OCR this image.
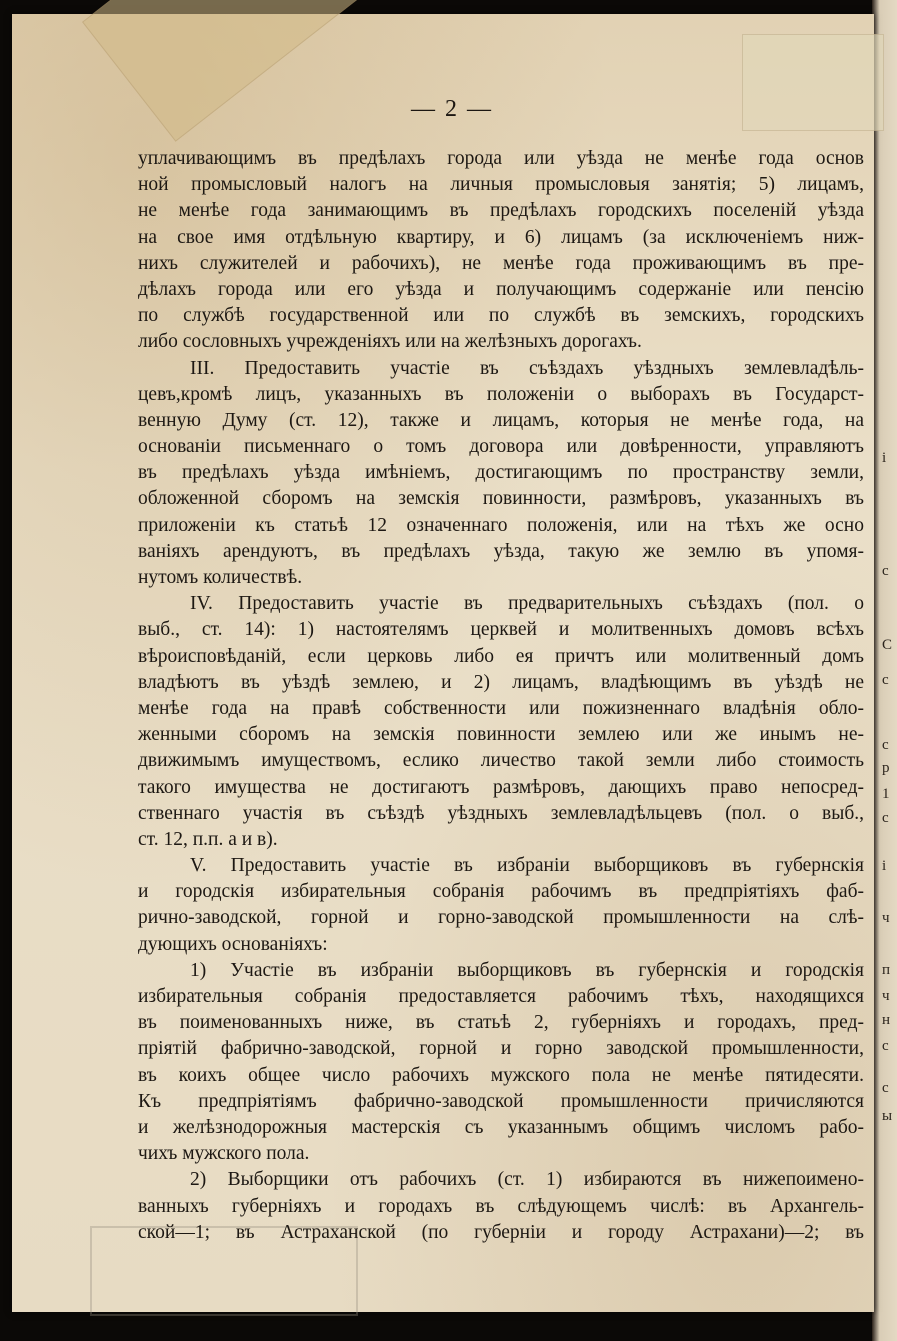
і
с
С
с
с
р
1
с
і
ч
п
ч
н
с
с
ы
— 2 —
уплачивающимъ въ предѣлахъ города или уѣзда не менѣе года основ
ной промысловый налогъ на личныя промысловыя занятія; 5) лицамъ,
не менѣе года занимающимъ въ предѣлахъ городскихъ поселеній уѣзда
на свое имя отдѣльную квартиру, и 6) лицамъ (за исключеніемъ ниж-
нихъ служителей и рабочихъ), не менѣе года проживающимъ въ пре-
дѣлахъ города или его уѣзда и получающимъ содержаніе или пенсію
по службѣ государственной или по службѣ въ земскихъ, городскихъ
либо сословныхъ учрежденіяхъ или на желѣзныхъ дорогахъ.
III. Предоставить участіе въ съѣздахъ уѣздныхъ землевладѣль-
цевъ,кромѣ лицъ, указанныхъ въ положеніи о выборахъ въ Государст-
венную Думу (ст. 12), также и лицамъ, которыя не менѣе года, на
основаніи письменнаго о томъ договора или довѣренности, управляютъ
въ предѣлахъ уѣзда имѣніемъ, достигающимъ по пространству земли,
обложенной сборомъ на земскія повинности, размѣровъ, указанныхъ въ
приложеніи къ статьѣ 12 означеннаго положенія, или на тѣхъ же осно
ваніяхъ арендуютъ, въ предѣлахъ уѣзда, такую же землю въ упомя-
нутомъ количествѣ.
IV. Предоставить участіе въ предварительныхъ съѣздахъ (пол. о
выб., ст. 14): 1) настоятелямъ церквей и молитвенныхъ домовъ всѣхъ
вѣроисповѣданій, если церковь либо ея причтъ или молитвенный домъ
владѣютъ въ уѣздѣ землею, и 2) лицамъ, владѣющимъ въ уѣздѣ не
менѣе года на правѣ собственности или пожизненнаго владѣнія обло-
женными сборомъ на земскія повинности землею или же инымъ не-
движимымъ имуществомъ, еслико личество такой земли либо стоимость
такого имущества не достигаютъ размѣровъ, дающихъ право непосред-
ственнаго участія въ съѣздѣ уѣздныхъ землевладѣльцевъ (пол. о выб.,
ст. 12, п.п. а и в).
V. Предоставить участіе въ избраніи выборщиковъ въ губернскія
и городскія избирательныя собранія рабочимъ въ предпріятіяхъ фаб-
рично-заводской, горной и горно-заводской промышленности на слѣ-
дующихъ основаніяхъ:
1) Участіе въ избраніи выборщиковъ въ губернскія и городскія
избирательныя собранія предоставляется рабочимъ тѣхъ, находящихся
въ поименованныхъ ниже, въ статьѣ 2, губерніяхъ и городахъ, пред-
пріятій фабрично-заводской, горной и горно заводской промышленности,
въ коихъ общее число рабочихъ мужского пола не менѣе пятидесяти.
Къ предпріятіямъ фабрично-заводской промышленности причисляются
и желѣзнодорожныя мастерскія съ указаннымъ общимъ числомъ рабо-
чихъ мужского пола.
2) Выборщики отъ рабочихъ (ст. 1) избираются въ нижепоимено-
ванныхъ губерніяхъ и городахъ въ слѣдующемъ числѣ: въ Архангель-
ской—1; въ Астраханской (по губерніи и городу Астрахани)—2; въ
